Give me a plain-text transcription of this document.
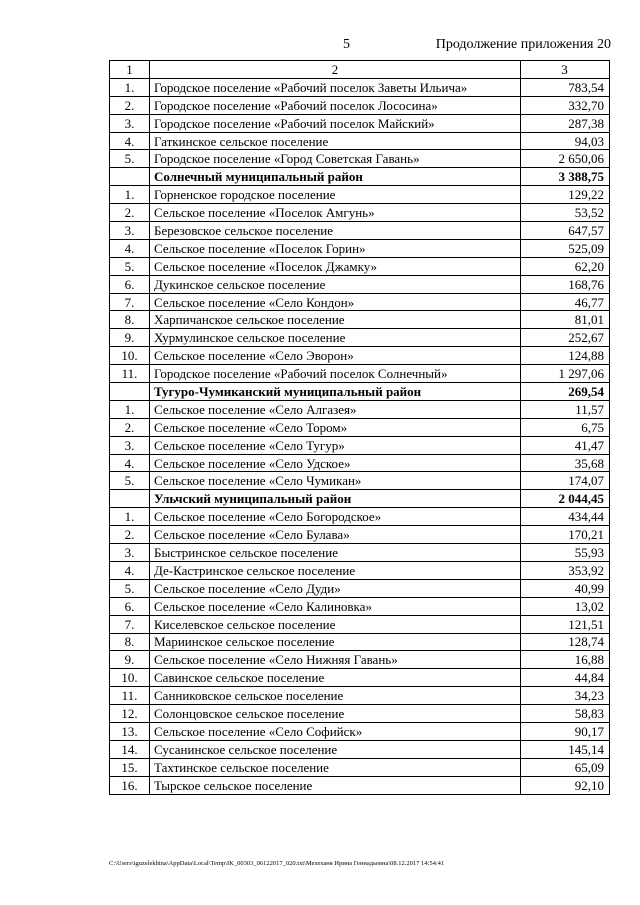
5	Продолжение приложения 20
1	2	3
1.	Городское поселение «Рабочий поселок Заветы Ильича»	783,54
2.	Городское поселение «Рабочий поселок Лососина»	332,70
3.	Городское поселение «Рабочий поселок Майский»	287,38
4.	Гаткинское сельское поселение	94,03
5.	Городское поселение «Город Советская Гавань»	2 650,06
	Солнечный муниципальный район	3 388,75
1.	Горненское городское поселение	129,22
2.	Сельское поселение «Поселок Амгунь»	53,52
3.	Березовское сельское поселение	647,57
4.	Сельское поселение «Поселок Горин»	525,09
5.	Сельское поселение «Поселок Джамку»	62,20
6.	Дукинское сельское поселение	168,76
7.	Сельское поселение «Село Кондон»	46,77
8.	Харпичанское сельское поселение	81,01
9.	Хурмулинское сельское поселение	252,67
10.	Сельское поселение «Село Эворон»	124,88
11.	Городское поселение «Рабочий поселок Солнечный»	1 297,06
	Тугуро-Чумиканский муниципальный район	269,54
1.	Сельское поселение «Село Алгазея»	11,57
2.	Сельское поселение «Село Тором»	6,75
3.	Сельское поселение «Село Тугур»	41,47
4.	Сельское поселение «Село Удское»	35,68
5.	Сельское поселение «Село Чумикан»	174,07
	Ульчский муниципальный район	2 044,45
1.	Сельское поселение «Село Богородское»	434,44
2.	Сельское поселение «Село Булава»	170,21
3.	Быстринское сельское поселение	55,93
4.	Де-Кастринское сельское поселение	353,92
5.	Сельское поселение «Село Дуди»	40,99
6.	Сельское поселение «Село Калиновка»	13,02
7.	Киселевское сельское поселение	121,51
8.	Мариинское сельское поселение	128,74
9.	Сельское поселение «Село Нижняя Гавань»	16,88
10.	Савинское сельское поселение	44,84
11.	Санниковское сельское поселение	34,23
12.	Солонцовское сельское поселение	58,83
13.	Сельское поселение «Село Софийск»	90,17
14.	Сусанинское сельское поселение	145,14
15.	Тахтинское сельское поселение	65,09
16.	Тырское сельское поселение	92,10
C:\Users\iguzelekhina\AppData\Local\Temp\IK_00303_06122017_020.txt\Мехеханя Ирина Геннадьевна\08.12.2017 14:54:41
